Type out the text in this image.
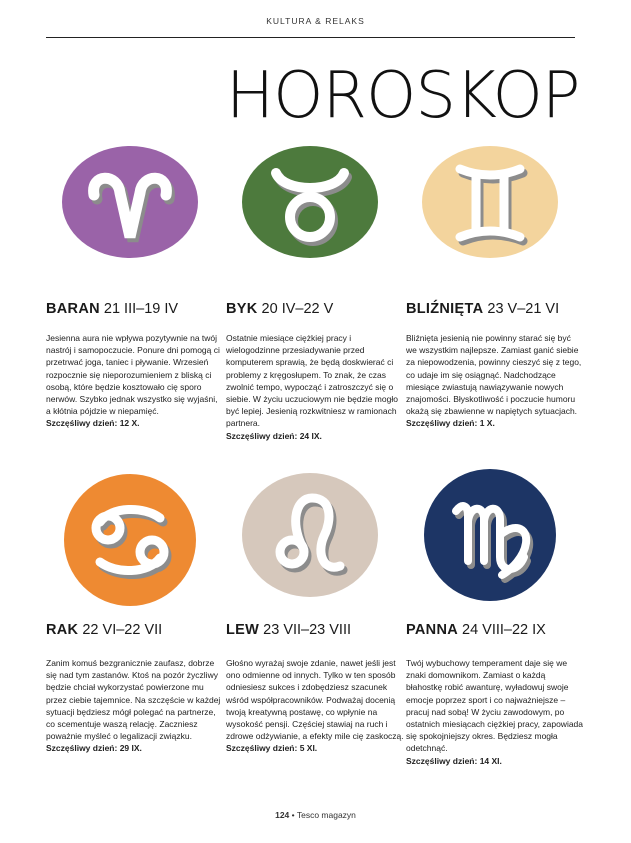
KULTURA & RELAKS
HOROSKOP
BARAN 21 III–19 IV	BYK 20 IV–22 V	BLIŹNIĘTA 23 V–21 VI
Jesienna aura nie wpływa pozytywnie na twój nastrój i samopoczucie. Ponure dni pomogą ci przetrwać joga, taniec i pływanie. Wrzesień rozpocznie się nieporozumieniem z bliską ci osobą, które będzie kosztowało cię sporo nerwów. Szybko jednak wszystko się wyjaśni, a kłótnia pójdzie w niepamięć.
Szczęśliwy dzień: 12 X.
Ostatnie miesiące ciężkiej pracy i wielogodzinne przesiadywanie przed komputerem sprawią, że będą doskwierać ci problemy z kręgosłupem. To znak, że czas zwolnić tempo, wypocząć i zatroszczyć się o siebie. W życiu uczuciowym nie będzie mogło być lepiej. Jesienią rozkwitniesz w ramionach partnera.
Szczęśliwy dzień: 24 IX.
Bliźnięta jesienią nie powinny starać się być we wszystkim najlepsze. Zamiast ganić siebie za niepowodzenia, powinny cieszyć się z tego, co udaje im się osiągnąć. Nadchodzące miesiące zwiastują nawiązywanie nowych znajomości. Błyskotliwość i poczucie humoru okażą się zbawienne w napiętych sytuacjach.
Szczęśliwy dzień: 1 X.
RAK 22 VI–22 VII	LEW 23 VII–23 VIII	PANNA 24 VIII–22 IX
Zanim komuś bezgranicznie zaufasz, dobrze się nad tym zastanów. Ktoś na pozór życzliwy będzie chciał wykorzystać powierzone mu przez ciebie tajemnice. Na szczęście w każdej sytuacji będziesz mógł polegać na partnerze, co scementuje waszą relację. Zaczniesz poważnie myśleć o legalizacji związku.
Szczęśliwy dzień: 29 IX.
Głośno wyrażaj swoje zdanie, nawet jeśli jest ono odmienne od innych. Tylko w ten sposób odniesiesz sukces i zdobędziesz szacunek wśród współpracowników. Podważaj docenią twoją kreatywną postawę, co wpłynie na wysokość pensji. Częściej stawiaj na ruch i zdrowe odżywianie, a efekty mile cię zaskoczą.
Szczęśliwy dzień: 5 XI.
Twój wybuchowy temperament daje się we znaki domownikom. Zamiast o każdą błahostkę robić awanturę, wyładowuj swoje emocje poprzez sport i co najważniejsze – pracuj nad sobą! W życiu zawodowym, po ostatnich miesiącach ciężkiej pracy, zapowiada się spokojniejszy okres. Będziesz mogła odetchnąć.
Szczęśliwy dzień: 14 XI.
124 • Tesco magazyn
